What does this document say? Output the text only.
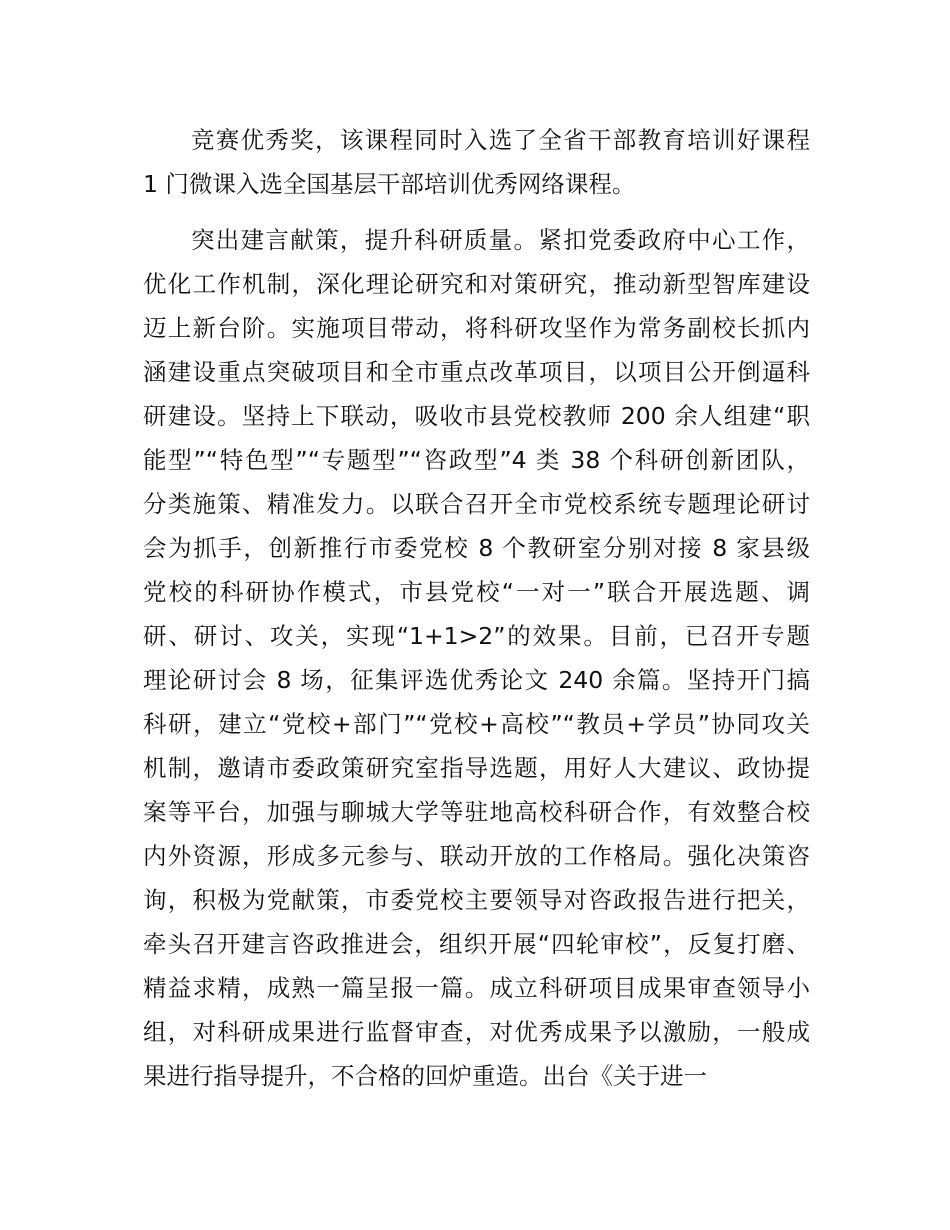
竞赛优秀奖，该课程同时入选了全省干部教育培训好课程
1 门微课入选全国基层干部培训优秀网络课程。
突出建言献策，提升科研质量。紧扣党委政府中心工作，
优化工作机制，深化理论研究和对策研究，推动新型智库建设
迈上新台阶。实施项目带动，将科研攻坚作为常务副校长抓内
涵建设重点突破项目和全市重点改革项目，以项目公开倒逼科
研建设。坚持上下联动，吸收市县党校教师 200 余人组建“职
能型”“特色型”“专题型”“咨政型”4 类 38 个科研创新团队，
分类施策、精准发力。以联合召开全市党校系统专题理论研讨
会为抓手，创新推行市委党校 8 个教研室分别对接 8 家县级
党校的科研协作模式，市县党校“一对一”联合开展选题、调
研、研讨、攻关，实现“1+1>2”的效果。目前，已召开专题
理论研讨会 8 场，征集评选优秀论文 240 余篇。坚持开门搞
科研，建立“党校+部门”“党校+高校”“教员+学员”协同攻关
机制，邀请市委政策研究室指导选题，用好人大建议、政协提
案等平台，加强与聊城大学等驻地高校科研合作，有效整合校
内外资源，形成多元参与、联动开放的工作格局。强化决策咨
询，积极为党献策，市委党校主要领导对咨政报告进行把关，
牵头召开建言咨政推进会，组织开展“四轮审校”，反复打磨、
精益求精，成熟一篇呈报一篇。成立科研项目成果审查领导小
组，对科研成果进行监督审查，对优秀成果予以激励，一般成
果进行指导提升，不合格的回炉重造。出台《关于进一
